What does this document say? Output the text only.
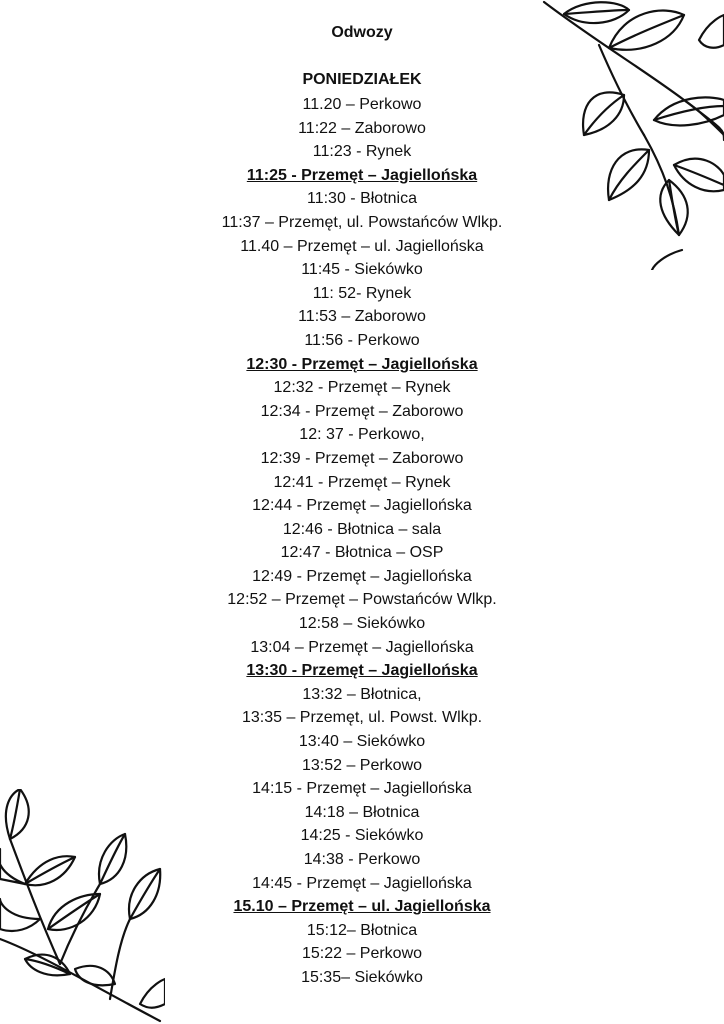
Odwozy
PONIEDZIAŁEK
11.20 – Perkowo
11:22 – Zaborowo
11:23 - Rynek
11:25 - Przemęt – Jagiellońska
11:30 - Błotnica
11:37 – Przemęt, ul. Powstańców Wlkp.
11.40 – Przemęt – ul. Jagiellońska
11:45 - Siekówko
11: 52- Rynek
11:53 – Zaborowo
11:56 - Perkowo
12:30 - Przemęt – Jagiellońska
12:32 - Przemęt – Rynek
12:34 - Przemęt – Zaborowo
12: 37 - Perkowo,
12:39 - Przemęt – Zaborowo
12:41 - Przemęt – Rynek
12:44 - Przemęt – Jagiellońska
12:46 - Błotnica – sala
12:47 - Błotnica – OSP
12:49 - Przemęt – Jagiellońska
12:52 – Przemęt – Powstańców Wlkp.
12:58 – Siekówko
13:04 – Przemęt – Jagiellońska
13:30 - Przemęt – Jagiellońska
13:32 – Błotnica,
13:35 – Przemęt, ul. Powst. Wlkp.
13:40 – Siekówko
13:52 – Perkowo
14:15 - Przemęt – Jagiellońska
14:18 – Błotnica
14:25 - Siekówko
14:38 - Perkowo
14:45 - Przemęt – Jagiellońska
15.10 – Przemęt – ul. Jagiellońska
15:12– Błotnica
15:22 – Perkowo
15:35– Siekówko
